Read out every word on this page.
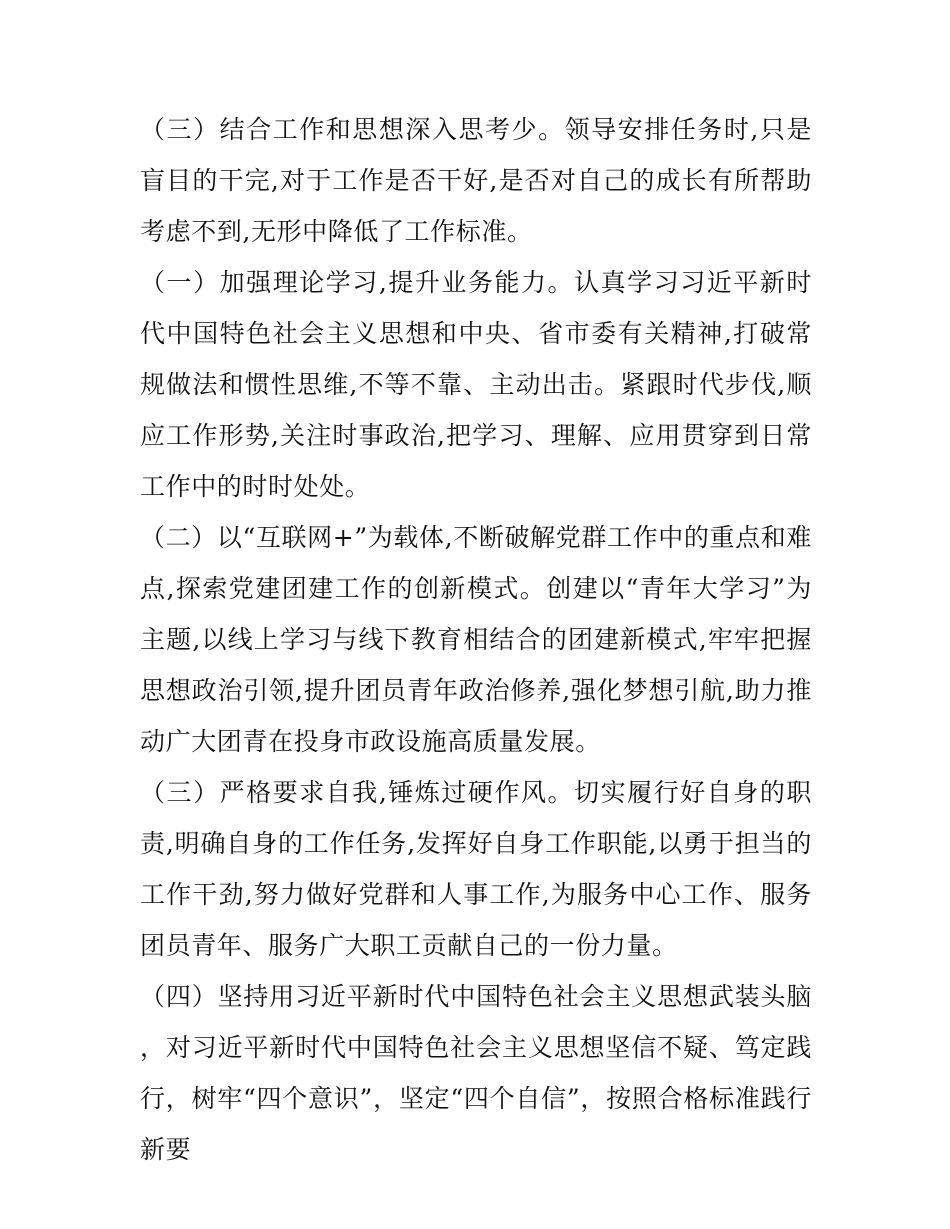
（三）结合工作和思想深入思考少。领导安排任务时,只是盲目的干完,对于工作是否干好,是否对自己的成长有所帮助考虑不到,无形中降低了工作标准。

（一）加强理论学习,提升业务能力。认真学习习近平新时代中国特色社会主义思想和中央、省市委有关精神,打破常规做法和惯性思维,不等不靠、主动出击。紧跟时代步伐,顺应工作形势,关注时事政治,把学习、理解、应用贯穿到日常工作中的时时处处。

（二）以“互联网+”为载体,不断破解党群工作中的重点和难点,探索党建团建工作的创新模式。创建以“青年大学习”为主题,以线上学习与线下教育相结合的团建新模式,牢牢把握思想政治引领,提升团员青年政治修养,强化梦想引航,助力推动广大团青在投身市政设施高质量发展。

（三）严格要求自我,锤炼过硬作风。切实履行好自身的职责,明确自身的工作任务,发挥好自身工作职能,以勇于担当的工作干劲,努力做好党群和人事工作,为服务中心工作、服务团员青年、服务广大职工贡献自己的一份力量。

（四）坚持用习近平新时代中国特色社会主义思想武装头脑，对习近平新时代中国特色社会主义思想坚信不疑、笃定践行，树牢“四个意识”，坚定“四个自信”，按照合格标准践行新要
